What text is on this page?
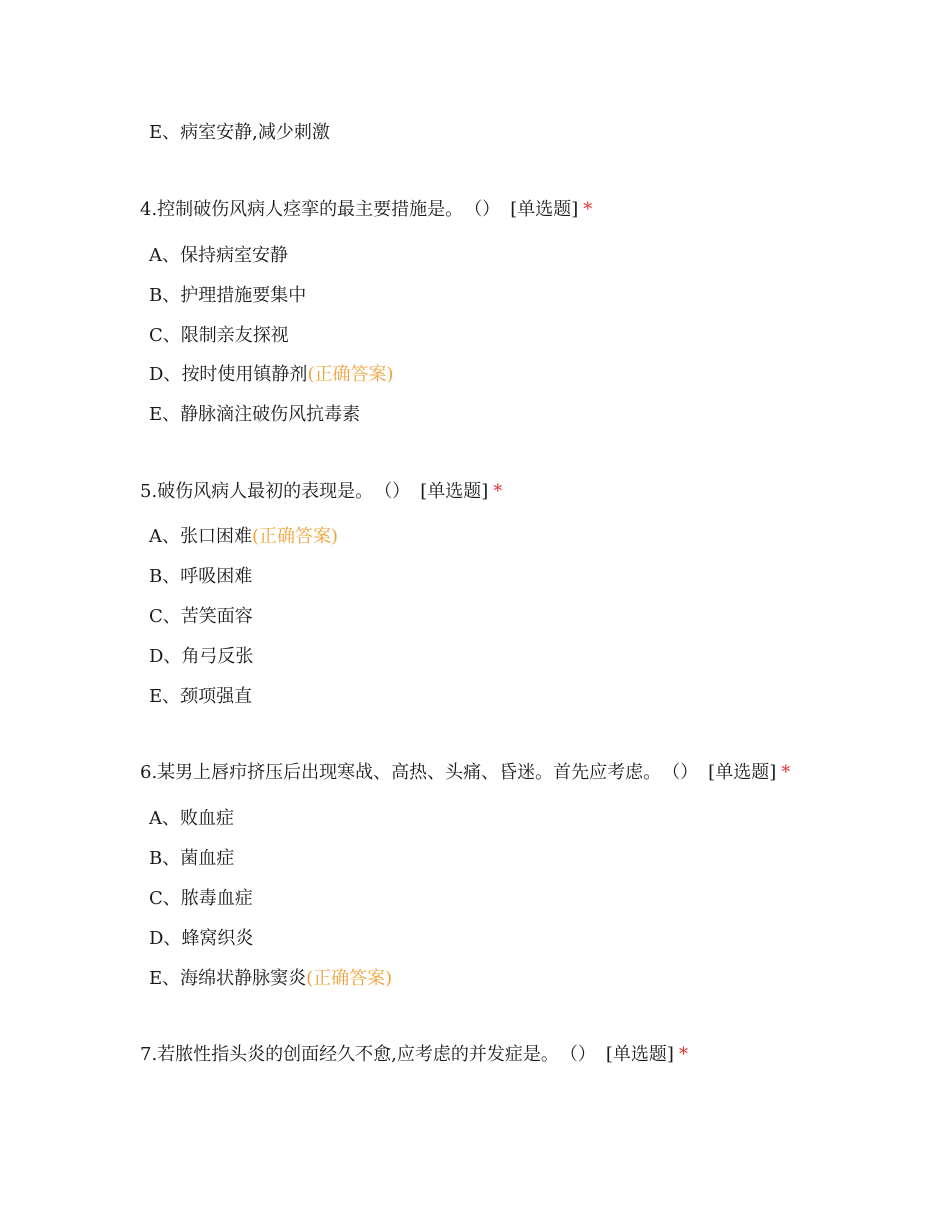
E、病室安静,减少刺激
4.控制破伤风病人痉挛的最主要措施是。 （） [单选题] *
A、保持病室安静
B、护理措施要集中
C、限制亲友探视
D、按时使用镇静剂(正确答案)
E、静脉滴注破伤风抗毒素
5.破伤风病人最初的表现是。 （） [单选题] *
A、张口困难(正确答案)
B、呼吸困难
C、苦笑面容
D、角弓反张
E、颈项强直
6.某男上唇疖挤压后出现寒战、高热、头痛、昏迷。首先应考虑。 （） [单选题] *
A、败血症
B、菌血症
C、脓毒血症
D、蜂窝织炎
E、海绵状静脉窦炎(正确答案)
7.若脓性指头炎的创面经久不愈,应考虑的并发症是。 （） [单选题] *
